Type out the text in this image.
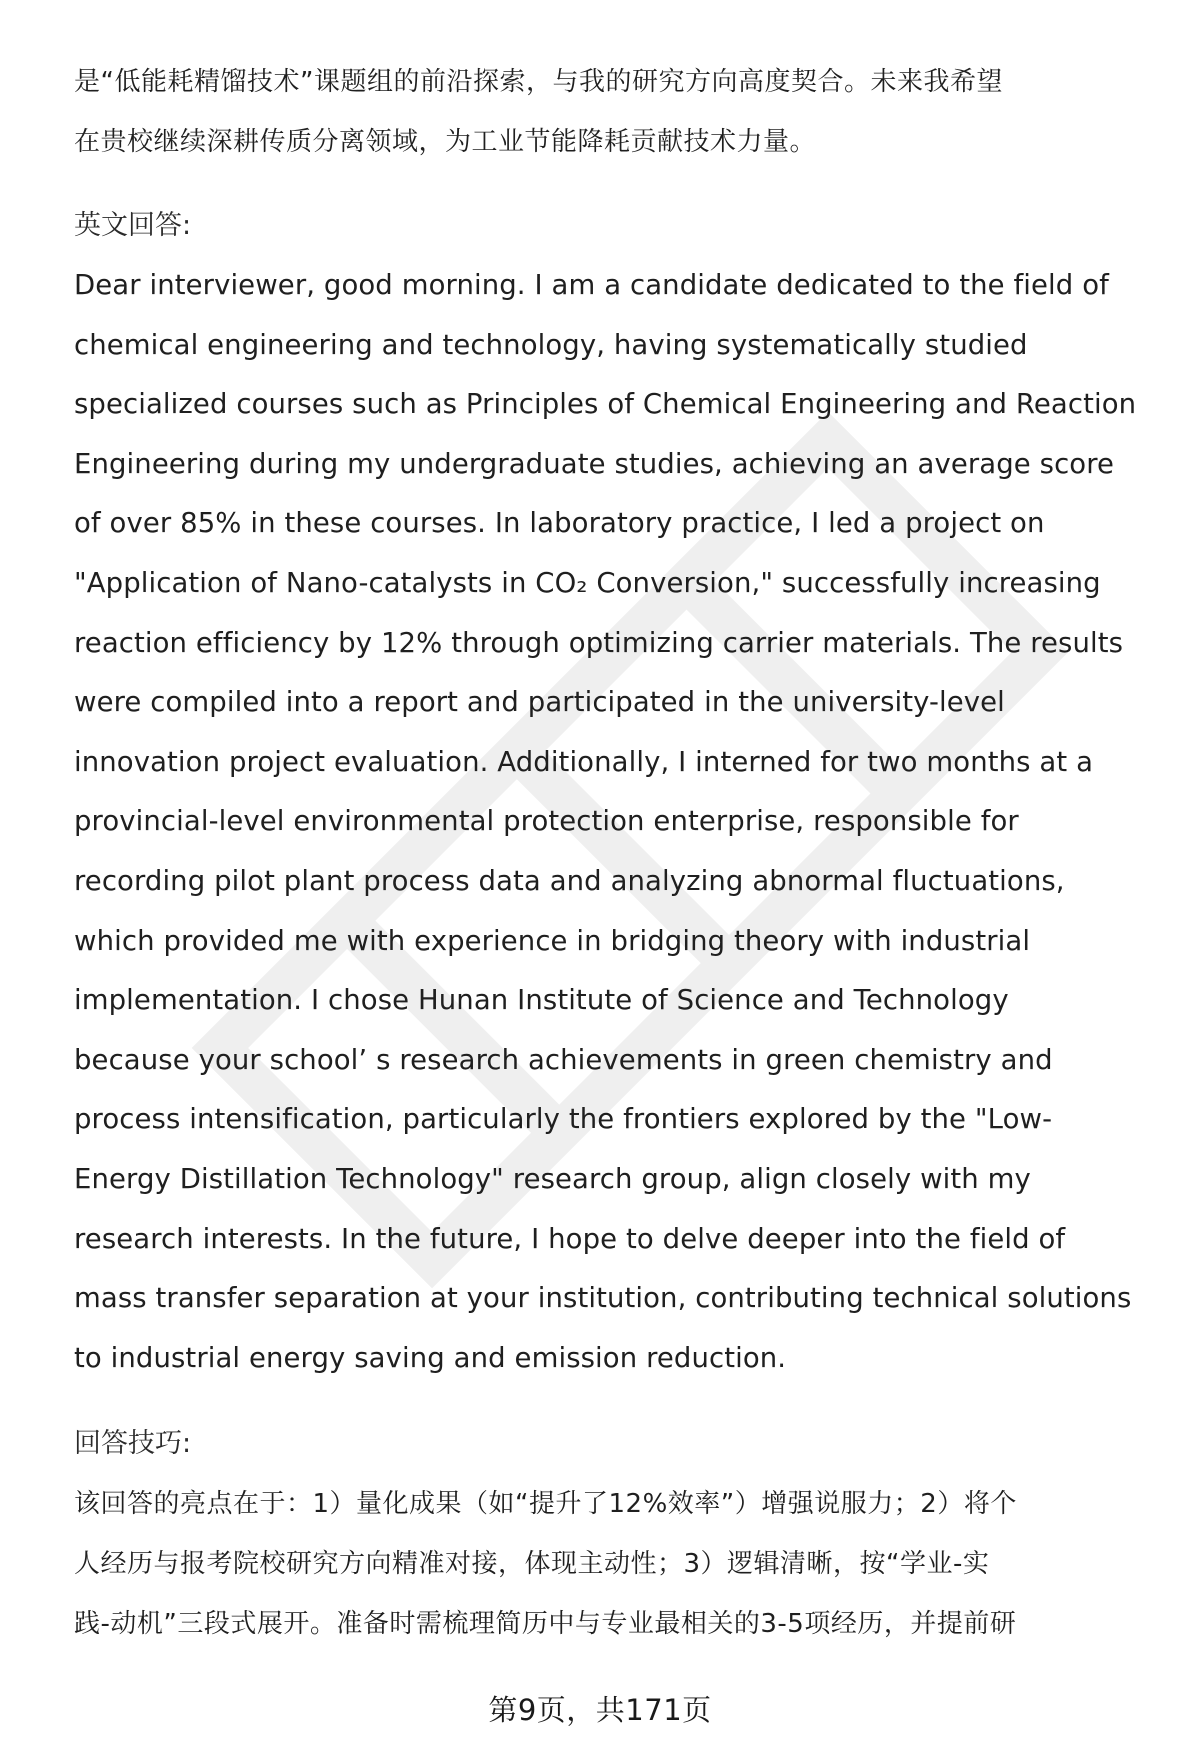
是“低能耗精馏技术”课题组的前沿探索，与我的研究方向高度契合。未来我希望

在贵校继续深耕传质分离领域，为工业节能降耗贡献技术力量。

英文回答:

Dear interviewer, good morning. I am a candidate dedicated to the field of

chemical engineering and technology, having systematically studied

specialized courses such as Principles of Chemical Engineering and Reaction

Engineering during my undergraduate studies, achieving an average score

of over 85% in these courses. In laboratory practice, I led a project on

"Application of Nano-catalysts in CO₂ Conversion," successfully increasing

reaction efficiency by 12% through optimizing carrier materials. The results

were compiled into a report and participated in the university-level

innovation project evaluation. Additionally, I interned for two months at a

provincial-level environmental protection enterprise, responsible for

recording pilot plant process data and analyzing abnormal fluctuations,

which provided me with experience in bridging theory with industrial

implementation. I chose Hunan Institute of Science and Technology

because your school’ s research achievements in green chemistry and

process intensification, particularly the frontiers explored by the "Low-

Energy Distillation Technology" research group, align closely with my

research interests. In the future, I hope to delve deeper into the field of

mass transfer separation at your institution, contributing technical solutions

to industrial energy saving and emission reduction.

回答技巧:

该回答的亮点在于：1）量化成果（如“提升了12%效率”）增强说服力；2）将个

人经历与报考院校研究方向精准对接，体现主动性；3）逻辑清晰，按“学业-实

践-动机”三段式展开。准备时需梳理简历中与专业最相关的3-5项经历，并提前研

第9页，共171页
